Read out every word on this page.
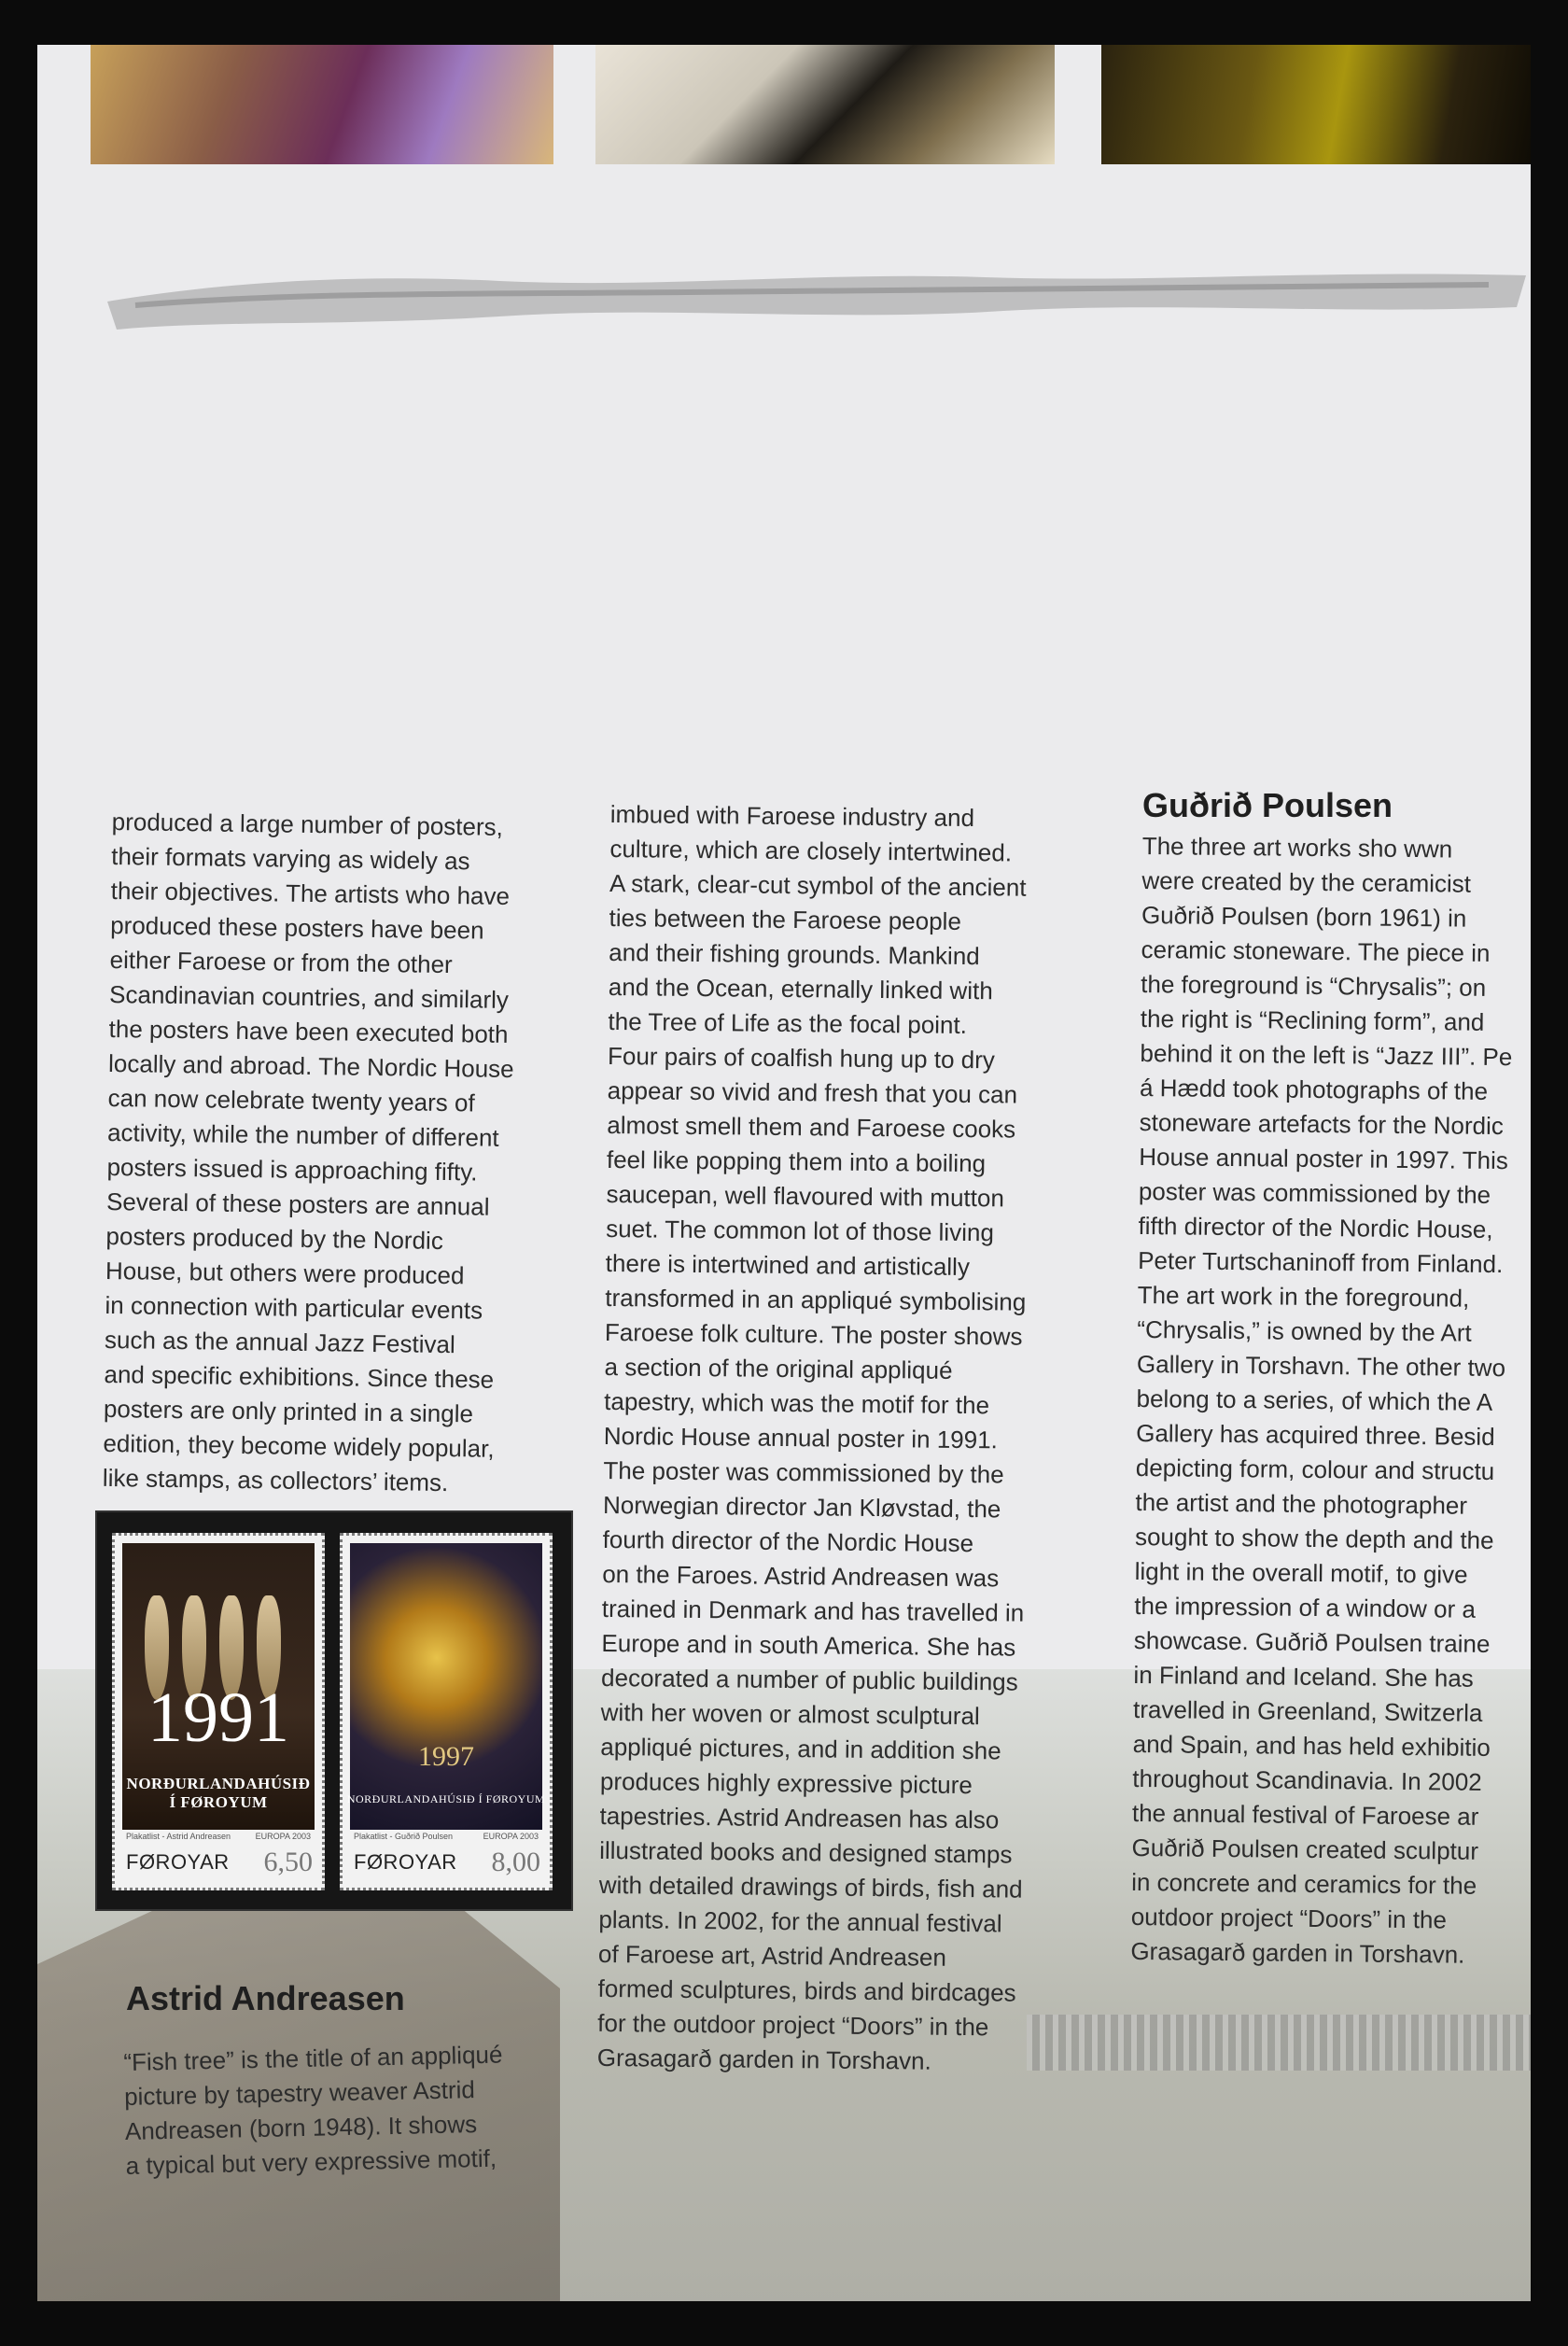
produced a large number of posters,

their formats varying as widely as

their objectives. The artists who have

produced these posters have been

either Faroese or from the other

Scandinavian countries, and similarly

the posters have been executed both

locally and abroad. The Nordic House

can now celebrate twenty years of

activity, while the number of different

posters issued is approaching fifty.

Several of these posters are annual

posters produced by the Nordic

House, but others were produced

in connection with particular events

such as the annual Jazz Festival

and specific exhibitions. Since these

posters are only printed in a single

edition, they become widely popular,

like stamps, as collectors’ items.

imbued with Faroese industry and

culture, which are closely intertwined.

A stark, clear-cut symbol of the ancient

ties between the Faroese people

and their fishing grounds. Mankind

and the Ocean, eternally linked with

the Tree of Life as the focal point.

Four pairs of coalfish hung up to dry

appear so vivid and fresh that you can

almost smell them and Faroese cooks

feel like popping them into a boiling

saucepan, well flavoured with mutton

suet. The common lot of those living

there is intertwined and artistically

transformed in an appliqué symbolising

Faroese folk culture. The poster shows

a section of the original appliqué

tapestry, which was the motif for the

Nordic House annual poster in 1991.

The poster was commissioned by the

Norwegian director Jan Kløvstad, the

fourth director of the Nordic House

on the Faroes. Astrid Andreasen was

trained in Denmark and has travelled in

Europe and in south America. She has

decorated a number of public buildings

with her woven or almost sculptural

appliqué pictures, and in addition she

produces highly expressive picture

tapestries. Astrid Andreasen has also

illustrated books and designed stamps

with detailed drawings of birds, fish and

plants. In 2002, for the annual festival

of Faroese art, Astrid Andreasen

formed sculptures, birds and birdcages

for the outdoor project “Doors” in the

Grasagarð garden in Torshavn.

Guðrið Poulsen

The three art works sho wwn

were created by the ceramicist

Guðrið Poulsen (born 1961) in

ceramic stoneware. The piece in

the foreground is “Chrysalis”; on

the right is “Reclining form”, and

behind it on the left is “Jazz III”. Pe

á Hædd took photographs of the

stoneware artefacts for the Nordic

House annual poster in 1997. This

poster was commissioned by the

fifth director of the Nordic House,

Peter Turtschaninoff from Finland.

The art work in the foreground,

“Chrysalis,” is owned by the Art

Gallery in Torshavn. The other two

belong to a series, of which the A

Gallery has acquired three. Besid

depicting form, colour and structu

the artist and the photographer

sought to show the depth and the

light in the overall motif, to give

the impression of a window or a

showcase. Guðrið Poulsen traine

in Finland and Iceland. She has

travelled in Greenland, Switzerla

and Spain, and has held exhibitio

throughout Scandinavia. In 2002

the annual festival of Faroese ar

Guðrið Poulsen created sculptur

in concrete and ceramics for the

outdoor project “Doors” in the

Grasagarð garden in Torshavn.

1991
NORÐURLANDAHÚSIÐ
Í FØROYUM
Plakatlist - Astrid Andreasen	EUROPA 2003
FØROYAR 6,50
1997
NORÐURLANDAHÚSIÐ Í FØROYUM
Plakatlist - Guðrið Poulsen	EUROPA 2003
FØROYAR 8,00
Astrid Andreasen

“Fish tree” is the title of an appliqué

picture by tapestry weaver Astrid

Andreasen (born 1948). It shows

a typical but very expressive motif,
